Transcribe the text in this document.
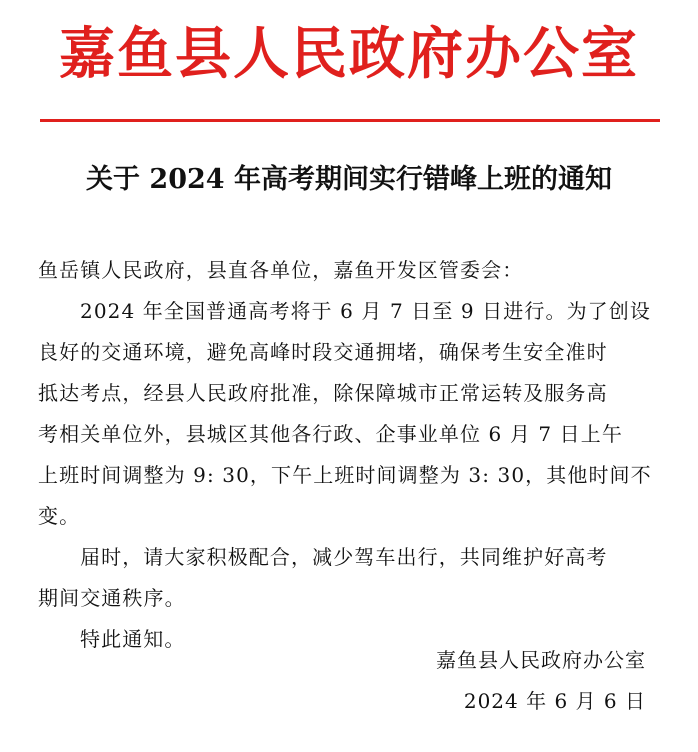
嘉鱼县人民政府办公室
关于 2024 年高考期间实行错峰上班的通知
鱼岳镇人民政府，县直各单位，嘉鱼开发区管委会：
2024 年全国普通高考将于 6 月 7 日至 9 日进行。为了创设
良好的交通环境，避免高峰时段交通拥堵，确保考生安全准时
抵达考点，经县人民政府批准，除保障城市正常运转及服务高
考相关单位外，县城区其他各行政、企事业单位 6 月 7 日上午
上班时间调整为 9: 30，下午上班时间调整为 3: 30，其他时间不
变。
届时，请大家积极配合，减少驾车出行，共同维护好高考
期间交通秩序。
特此通知。
嘉鱼县人民政府办公室
2024 年 6 月 6 日
